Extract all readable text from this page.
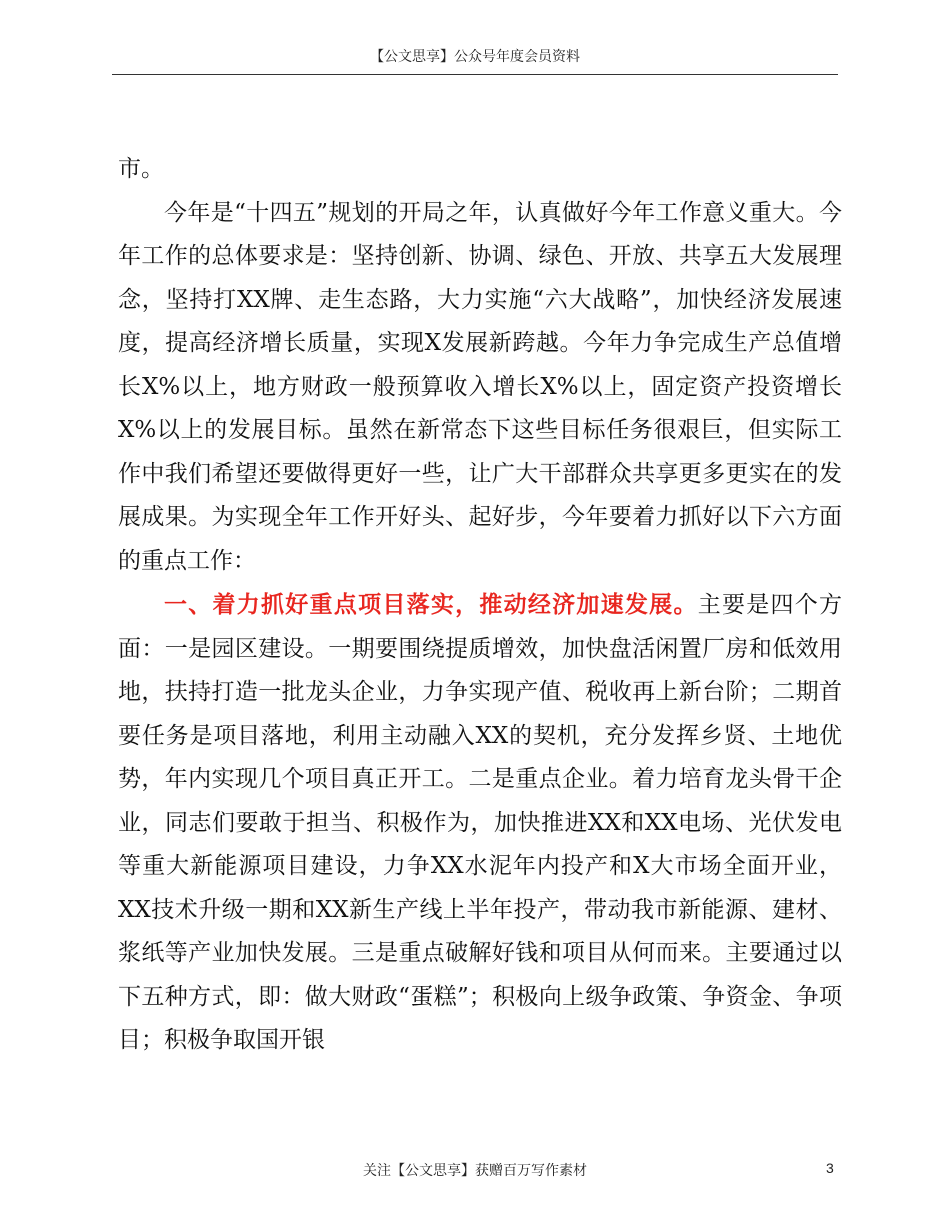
【公文思享】公众号年度会员资料

市。

今年是“十四五”规划的开局之年，认真做好今年工作意义重大。今年工作的总体要求是：坚持创新、协调、绿色、开放、共享五大发展理念，坚持打XX牌、走生态路，大力实施“六大战略”，加快经济发展速度，提高经济增长质量，实现X发展新跨越。今年力争完成生产总值增长X%以上，地方财政一般预算收入增长X%以上，固定资产投资增长X%以上的发展目标。虽然在新常态下这些目标任务很艰巨，但实际工作中我们希望还要做得更好一些，让广大干部群众共享更多更实在的发展成果。为实现全年工作开好头、起好步，今年要着力抓好以下六方面的重点工作：

一、着力抓好重点项目落实，推动经济加速发展。主要是四个方面：一是园区建设。一期要围绕提质增效，加快盘活闲置厂房和低效用地，扶持打造一批龙头企业，力争实现产值、税收再上新台阶；二期首要任务是项目落地，利用主动融入XX的契机，充分发挥乡贤、土地优势，年内实现几个项目真正开工。二是重点企业。着力培育龙头骨干企业，同志们要敢于担当、积极作为，加快推进XX和XX电场、光伏发电等重大新能源项目建设，力争XX水泥年内投产和X大市场全面开业，XX技术升级一期和XX新生产线上半年投产，带动我市新能源、建材、浆纸等产业加快发展。三是重点破解好钱和项目从何而来。主要通过以下五种方式，即：做大财政“蛋糕”；积极向上级争政策、争资金、争项目；积极争取国开银

关注【公文思享】获赠百万写作素材	3
